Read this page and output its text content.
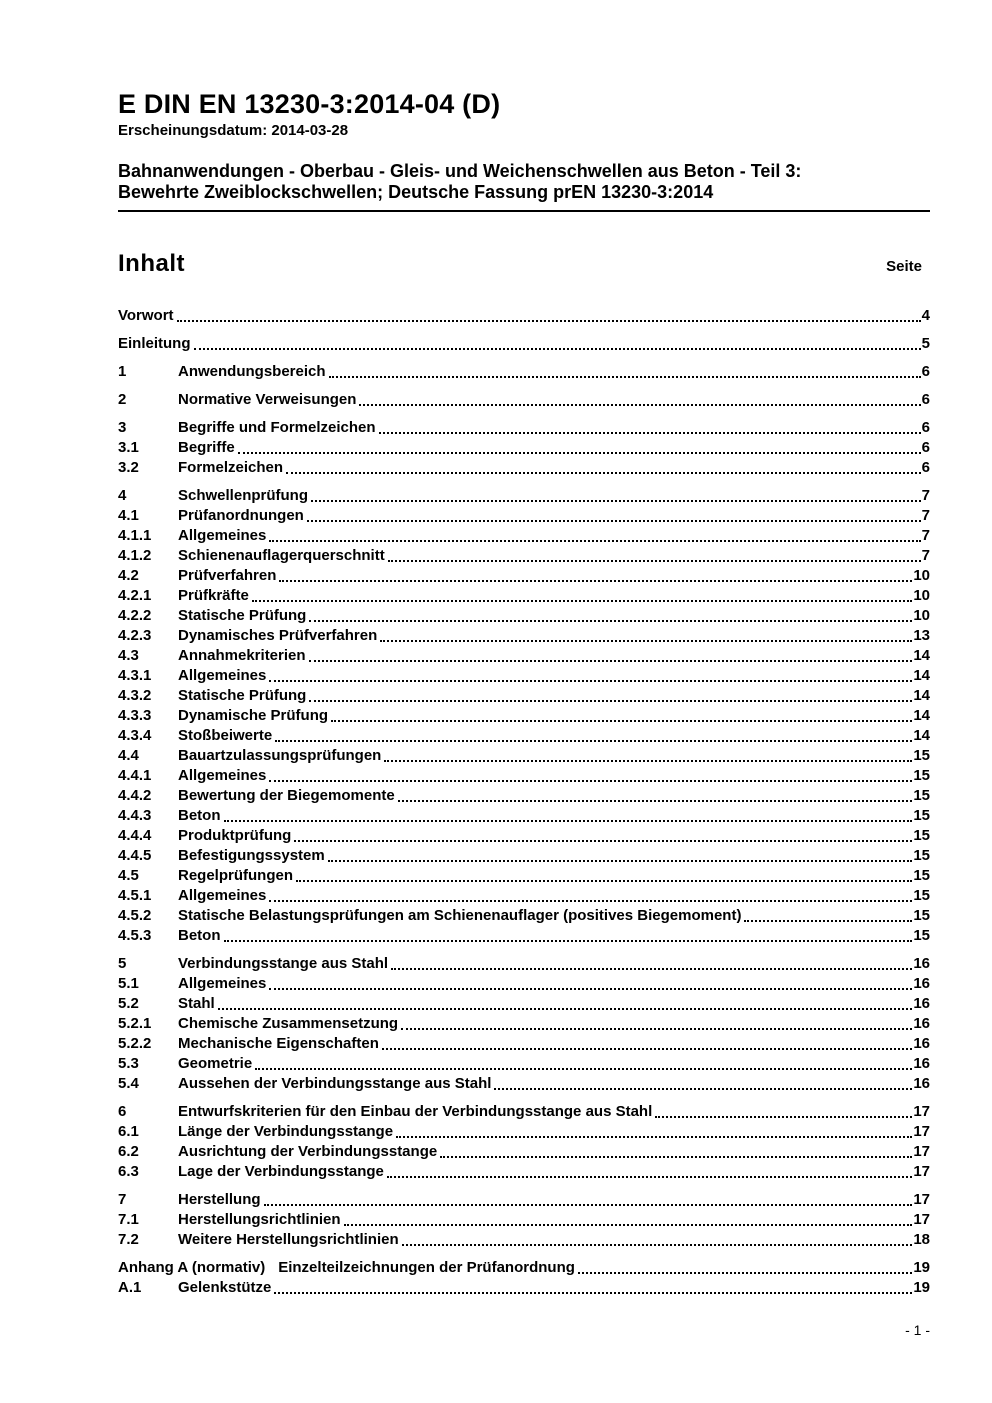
E DIN EN 13230-3:2014-04 (D)
Erscheinungsdatum: 2014-03-28
Bahnanwendungen - Oberbau - Gleis- und Weichenschwellen aus Beton - Teil 3:
Bewehrte Zweiblockschwellen; Deutsche Fassung prEN 13230-3:2014
Inhalt	Seite
Vorwort	4
Einleitung	5
1	Anwendungsbereich	6
2	Normative Verweisungen	6
3	Begriffe und Formelzeichen	6
3.1	Begriffe	6
3.2	Formelzeichen	6
4	Schwellenprüfung	7
4.1	Prüfanordnungen	7
4.1.1	Allgemeines	7
4.1.2	Schienenauflagerquerschnitt	7
4.2	Prüfverfahren	10
4.2.1	Prüfkräfte	10
4.2.2	Statische Prüfung	10
4.2.3	Dynamisches Prüfverfahren	13
4.3	Annahmekriterien	14
4.3.1	Allgemeines	14
4.3.2	Statische Prüfung	14
4.3.3	Dynamische Prüfung	14
4.3.4	Stoßbeiwerte	14
4.4	Bauartzulassungsprüfungen	15
4.4.1	Allgemeines	15
4.4.2	Bewertung der Biegemomente	15
4.4.3	Beton	15
4.4.4	Produktprüfung	15
4.4.5	Befestigungssystem	15
4.5	Regelprüfungen	15
4.5.1	Allgemeines	15
4.5.2	Statische Belastungsprüfungen am Schienenauflager (positives Biegemoment)	15
4.5.3	Beton	15
5	Verbindungsstange aus Stahl	16
5.1	Allgemeines	16
5.2	Stahl	16
5.2.1	Chemische Zusammensetzung	16
5.2.2	Mechanische Eigenschaften	16
5.3	Geometrie	16
5.4	Aussehen der Verbindungsstange aus Stahl	16
6	Entwurfskriterien für den Einbau der Verbindungsstange aus Stahl	17
6.1	Länge der Verbindungsstange	17
6.2	Ausrichtung der Verbindungsstange	17
6.3	Lage der Verbindungsstange	17
7	Herstellung	17
7.1	Herstellungsrichtlinien	17
7.2	Weitere Herstellungsrichtlinien	18
Anhang A (normativ) Einzelteilzeichnungen der Prüfanordnung	19
A.1	Gelenkstütze	19
- 1 -
